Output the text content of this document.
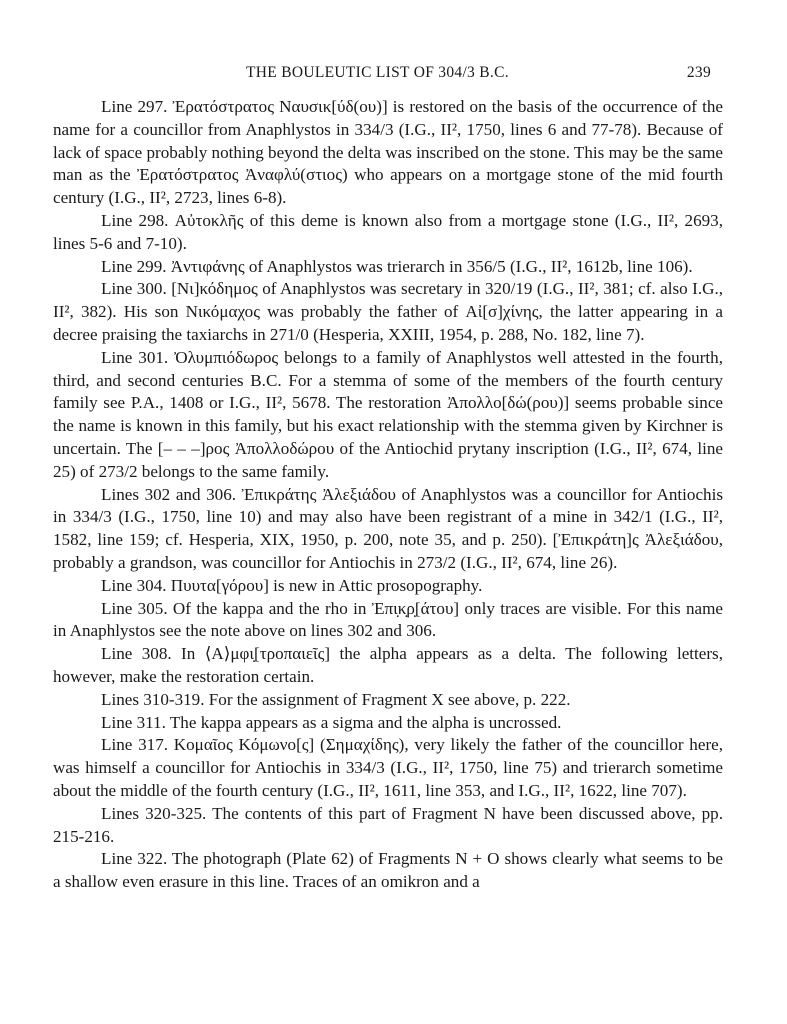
THE BOULEUTIC LIST OF 304/3 B.C.	239

Line 297. Ἐρατόστρατος Ναυσικ[ύδ(ου)] is restored on the basis of the occurrence of the name for a councillor from Anaphlystos in 334/3 (I.G., II², 1750, lines 6 and 77-78). Because of lack of space probably nothing beyond the delta was inscribed on the stone. This may be the same man as the Ἐρατόστρατος Ἀναφλύ(στιος) who appears on a mortgage stone of the mid fourth century (I.G., II², 2723, lines 6-8).

Line 298. Αὐτοκλῆς of this deme is known also from a mortgage stone (I.G., II², 2693, lines 5-6 and 7-10).

Line 299. Ἀντιφάνης of Anaphlystos was trierarch in 356/5 (I.G., II², 1612b, line 106).

Line 300. [Νι]κόδημος of Anaphlystos was secretary in 320/19 (I.G., II², 381; cf. also I.G., II², 382). His son Νικόμαχος was probably the father of Αἰ[σ]χίνης, the latter appearing in a decree praising the taxiarchs in 271/0 (Hesperia, XXIII, 1954, p. 288, No. 182, line 7).

Line 301. Ὀλυμπιόδωρος belongs to a family of Anaphlystos well attested in the fourth, third, and second centuries B.C. For a stemma of some of the members of the fourth century family see P.A., 1408 or I.G., II², 5678. The restoration Ἀπολλο[δώ(ρου)] seems probable since the name is known in this family, but his exact relationship with the stemma given by Kirchner is uncertain. The [– – –]ρος Ἀπολλοδώρου of the Antiochid prytany inscription (I.G., II², 674, line 25) of 273/2 belongs to the same family.

Lines 302 and 306. Ἐπικράτης Ἀλεξιάδου of Anaphlystos was a councillor for Antiochis in 334/3 (I.G., 1750, line 10) and may also have been registrant of a mine in 342/1 (I.G., II², 1582, line 159; cf. Hesperia, XIX, 1950, p. 200, note 35, and p. 250). [Ἐπικράτη]ς Ἀλεξιάδου, probably a grandson, was councillor for Antiochis in 273/2 (I.G., II², 674, line 26).

Line 304. Πυυτα[γόρου] is new in Attic prosopography.

Line 305. Of the kappa and the rho in Ἐπι̣κ̣ρ̣[άτου] only traces are visible. For this name in Anaphlystos see the note above on lines 302 and 306.

Line 308. In ⟨Α⟩μφι̣[τροπαιεῖς] the alpha appears as a delta. The following letters, however, make the restoration certain.

Lines 310-319. For the assignment of Fragment X see above, p. 222.

Line 311. The kappa appears as a sigma and the alpha is uncrossed.

Line 317. Κομαῖος Κόμωνο[ς] (Σημαχίδης), very likely the father of the councillor here, was himself a councillor for Antiochis in 334/3 (I.G., II², 1750, line 75) and trierarch sometime about the middle of the fourth century (I.G., II², 1611, line 353, and I.G., II², 1622, line 707).

Lines 320-325. The contents of this part of Fragment N have been discussed above, pp. 215-216.

Line 322. The photograph (Plate 62) of Fragments N + O shows clearly what seems to be a shallow even erasure in this line. Traces of an omikron and a
